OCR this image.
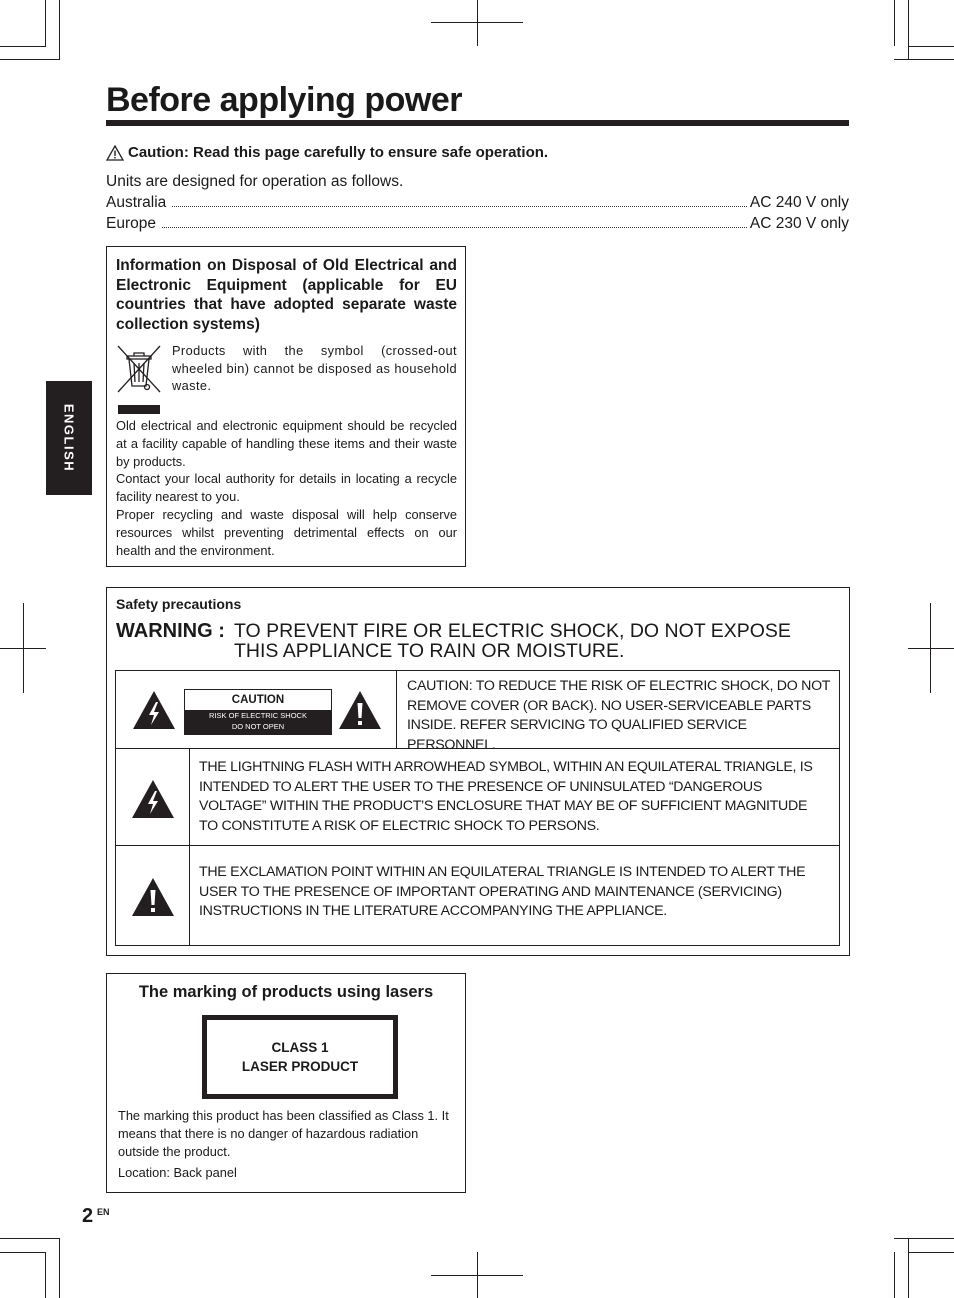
Before applying power
Caution: Read this page carefully to ensure safe operation.
Units are designed for operation as follows.
Australia	AC 240 V only
Europe	AC 230 V only
ENGLISH
Information on Disposal of Old Electrical and Electronic Equipment (applicable for EU countries that have adopted separate waste collection systems)
Products with the symbol (crossed-out wheeled bin) cannot be disposed as household waste.
Old electrical and electronic equipment should be recycled at a facility capable of handling these items and their waste by products.
Contact your local authority for details in locating a recycle facility nearest to you.
Proper recycling and waste disposal will help conserve resources whilst preventing detrimental effects on our health and the environment.
Safety precautions
WARNING : TO PREVENT FIRE OR ELECTRIC SHOCK, DO NOT EXPOSE THIS APPLIANCE TO RAIN OR MOISTURE.
CAUTION
RISK OF ELECTRIC SHOCK
DO NOT OPEN
CAUTION: TO REDUCE THE RISK OF ELECTRIC SHOCK, DO NOT REMOVE COVER (OR BACK). NO USER-SERVICEABLE PARTS INSIDE. REFER SERVICING TO QUALIFIED SERVICE PERSONNEL.
THE LIGHTNING FLASH WITH ARROWHEAD SYMBOL, WITHIN AN EQUILATERAL TRIANGLE, IS INTENDED TO ALERT THE USER TO THE PRESENCE OF UNINSULATED “DANGEROUS VOLTAGE” WITHIN THE PRODUCT’S ENCLOSURE THAT MAY BE OF SUFFICIENT MAGNITUDE TO CONSTITUTE A RISK OF ELECTRIC SHOCK TO PERSONS.
THE EXCLAMATION POINT WITHIN AN EQUILATERAL TRIANGLE IS INTENDED TO ALERT THE USER TO THE PRESENCE OF IMPORTANT OPERATING AND MAINTENANCE (SERVICING) INSTRUCTIONS IN THE LITERATURE ACCOMPANYING THE APPLIANCE.
The marking of products using lasers
CLASS 1
LASER PRODUCT
The marking this product has been classified as Class 1. It means that there is no danger of hazardous radiation outside the product.
Location: Back panel
2 EN
